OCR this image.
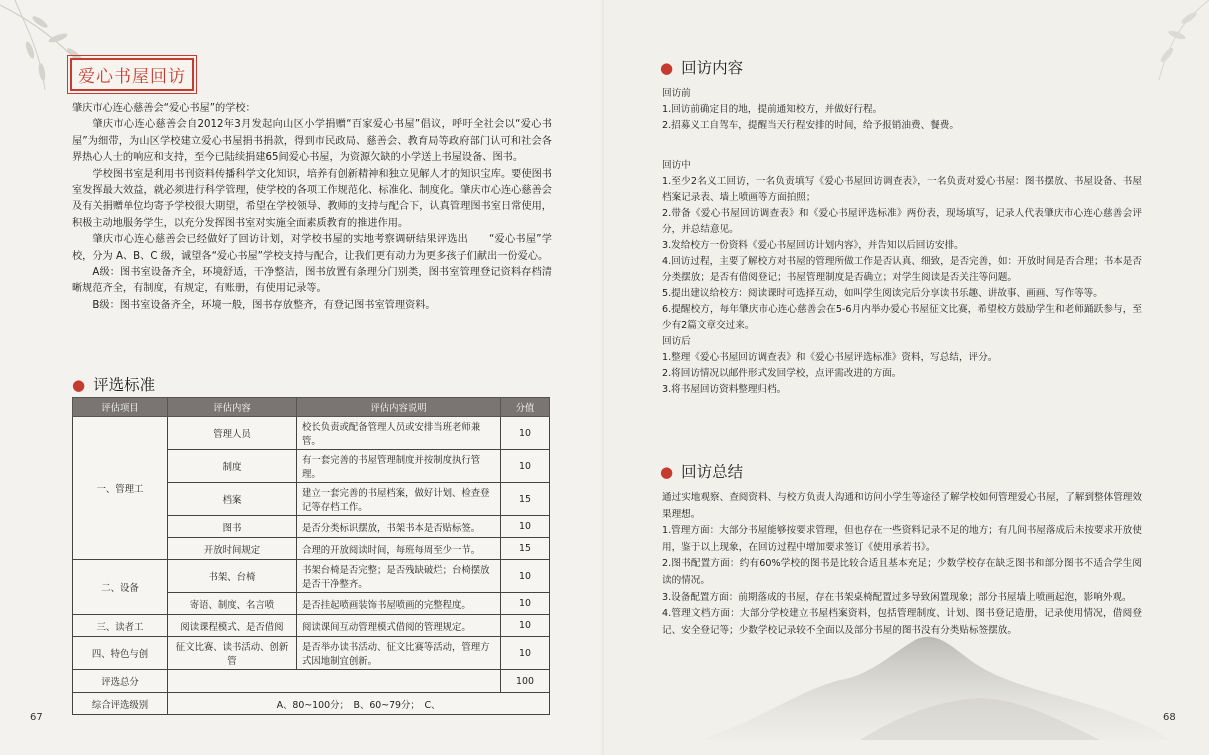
爱心书屋回访

肇庆市心连心慈善会“爱心书屋”的学校：

肇庆市心连心慈善会自2012年3月发起向山区小学捐赠“百家爱心书屋”倡议，呼吁全社会以“爱心书屋”为细带，为山区学校建立爱心书屋捐书捐款，得到市民政局、慈善会、教育局等政府部门认可和社会各界热心人士的响应和支持，至今已陆续捐建65间爱心书屋，为资源欠缺的小学送上书屋设备、图书。

学校图书室是利用书刊资料传播科学文化知识，培养有创新精神和独立见解人才的知识宝库。要使图书室发挥最大效益，就必须进行科学管理，使学校的各项工作规范化、标准化、制度化。肇庆市心连心慈善会及有关捐赠单位均寄予学校很大期望，希望在学校领导、教师的支持与配合下，认真管理图书室日常使用，积极主动地服务学生，以充分发挥图书室对实施全面素质教育的推进作用。

肇庆市心连心慈善会已经做好了回访计划，对学校书屋的实地考察调研结果评选出　　“爱心书屋”学校，分为 A、B、C 级，诚望各“爱心书屋”学校支持与配合，让我们更有动力为更多孩子们献出一份爱心。

A级：图书室设备齐全，环境舒适，干净整洁，图书放置有条理分门别类，图书室管理登记资料存档清晰规范齐全，有制度，有规定，有账册，有使用记录等。

B级：图书室设备齐全，环境一般，图书存放整齐，有登记图书室管理资料。

● 评选标准
评估项目	评估内容	评估内容说明	分值
一、管理工	管理人员	校长负责或配备管理人员或安排当班老师兼管。	10
	制度	有一套完善的书屋管理制度并按制度执行管理。	10
	档案	建立一套完善的书屋档案，做好计划、检查登记等存档工作。	15
	图书	是否分类标识摆放，书架书本是否贴标签。	10
	开放时间规定	合理的开放阅读时间，每班每周至少一节。	15
二、设备	书架、台椅	书架台椅是否完整；是否残缺破烂；台椅摆放是否干净整齐。	10
	寄语、制度、名言喷	是否挂起喷画装饰书屋喷画的完整程度。	10
三、读者工	阅读课程模式、是否借阅	阅读课间互动管理模式借阅的管理规定。	10
四、特色与创	征文比赛、读书活动、创新管	是否举办读书活动、征文比赛等活动，管理方式因地制宜创新。	10
评选总分			100
综合评选级别	A、80~100分；　B、60~79分；　C、		
67
● 回访内容

回访前

1.回访前确定目的地，提前通知校方，并做好行程。

2.招募义工自驾车，提醒当天行程安排的时间，给予报销油费、餐费。

回访中

1.至少2名义工回访，一名负责填写《爱心书屋回访调查表》，一名负责对爱心书屋：图书摆放、书屋设备、书屋档案记录表、墙上喷画等方面拍照；

2.带备《爱心书屋回访调查表》和《爱心书屋评选标准》两份表，现场填写，记录人代表肇庆市心连心慈善会评分，并总结意见。

3.发给校方一份资料《爱心书屋回访计划内容》，并告知以后回访安排。

4.回访过程，主要了解校方对书屋的管理所做工作是否认真、细致，是否完善，如：开放时间是否合理；书本是否分类摆放；是否有借阅登记；书屋管理制度是否确立；对学生阅读是否关注等问题。

5.提出建议给校方：阅读课时可选择互动，如叫学生阅读完后分享读书乐趣、讲故事、画画、写作等等。

6.提醒校方，每年肇庆市心连心慈善会在5-6月内举办爱心书屋征文比赛，希望校方鼓励学生和老师踊跃参与，至少有2篇文章交过来。

回访后

1.整理《爱心书屋回访调查表》和《爱心书屋评选标准》资料，写总结，评分。

2.将回访情况以邮件形式发回学校，点评需改进的方面。

3.将书屋回访资料整理归档。

● 回访总结

通过实地观察、查阅资料、与校方负责人沟通和访问小学生等途径了解学校如何管理爱心书屋，了解到整体管理效果理想。

1.管理方面：大部分书屋能够按要求管理，但也存在一些资料记录不足的地方；有几间书屋落成后未按要求开放使用，鉴于以上现象，在回访过程中增加要求签订《使用承若书》。

2.图书配置方面：约有60%学校的图书是比较合适且基本充足；少数学校存在缺乏图书和部分图书不适合学生阅读的情况。

3.设备配置方面：前期落成的书屋，存在书架桌椅配置过多导致闲置现象；部分书屋墙上喷画起泡，影响外观。

4.管理文档方面：大部分学校建立书屋档案资料，包括管理制度、计划、图书登记造册，记录使用情况，借阅登记、安全登记等；少数学校记录较不全面以及部分书屋的图书没有分类贴标签摆放。

68
